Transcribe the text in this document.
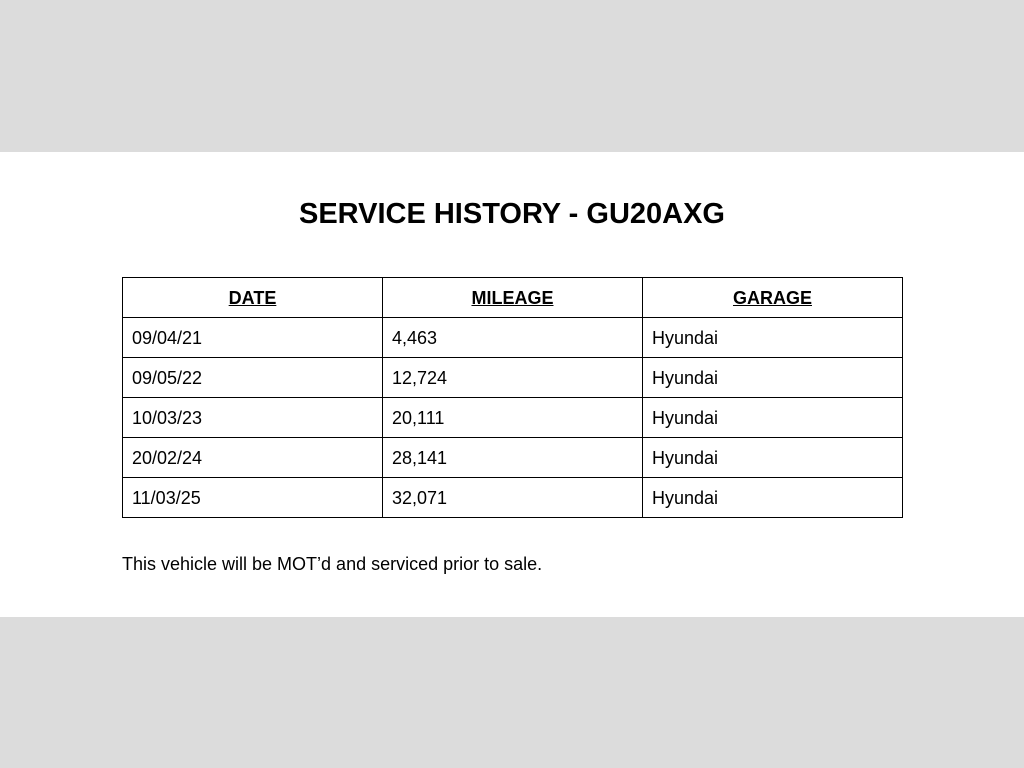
SERVICE HISTORY - GU20AXG
DATE	MILEAGE	GARAGE
09/04/21	4,463	Hyundai
09/05/22	12,724	Hyundai
10/03/23	20,111	Hyundai
20/02/24	28,141	Hyundai
11/03/25	32,071	Hyundai

This vehicle will be MOT’d and serviced prior to sale.
